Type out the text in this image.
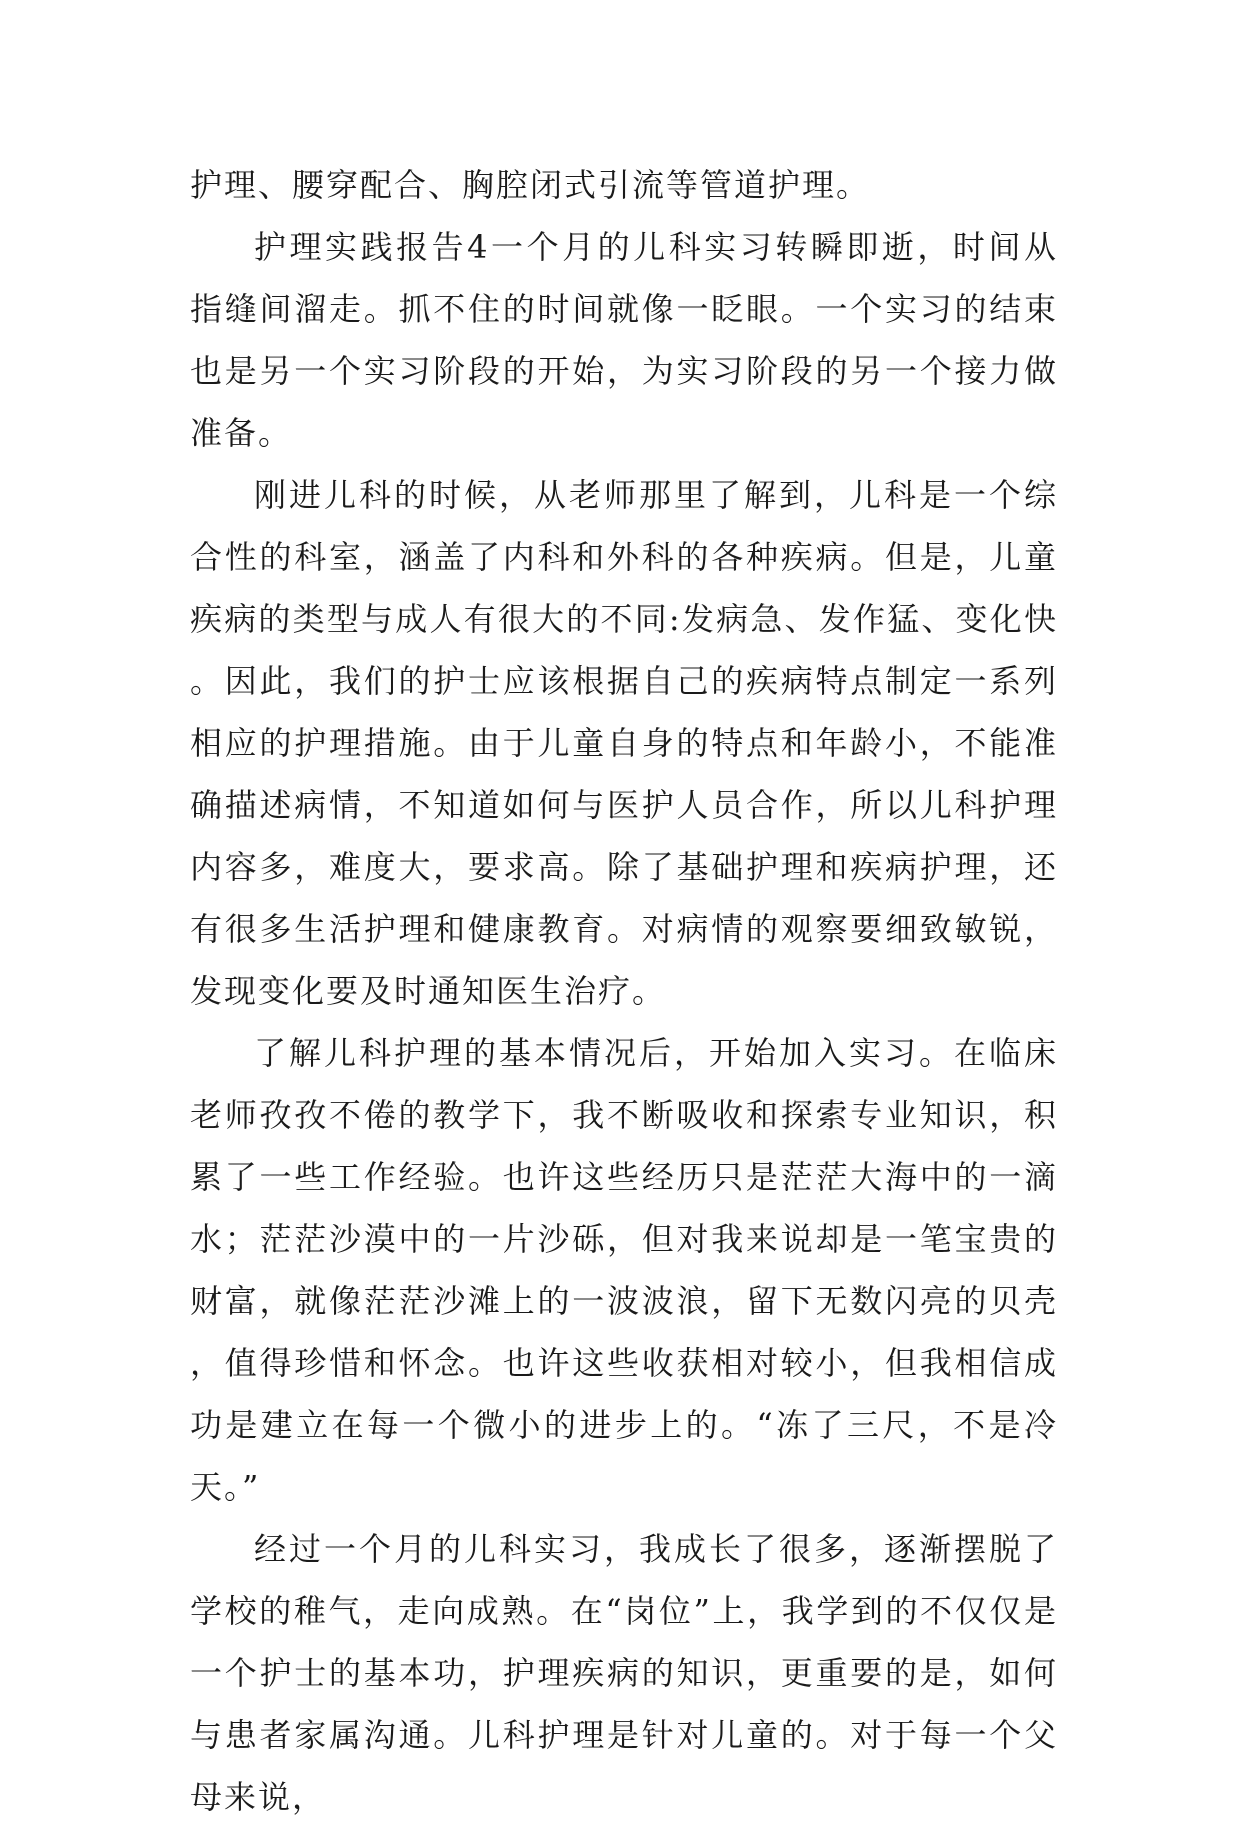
护理、腰穿配合、胸腔闭式引流等管道护理。

护理实践报告4一个月的儿科实习转瞬即逝，时间从指缝间溜走。抓不住的时间就像一眨眼。一个实习的结束也是另一个实习阶段的开始，为实习阶段的另一个接力做准备。

刚进儿科的时候，从老师那里了解到，儿科是一个综合性的科室，涵盖了内科和外科的各种疾病。但是，儿童疾病的类型与成人有很大的不同:发病急、发作猛、变化快。因此，我们的护士应该根据自己的疾病特点制定一系列相应的护理措施。由于儿童自身的特点和年龄小，不能准确描述病情，不知道如何与医护人员合作，所以儿科护理内容多，难度大，要求高。除了基础护理和疾病护理，还有很多生活护理和健康教育。对病情的观察要细致敏锐，发现变化要及时通知医生治疗。

了解儿科护理的基本情况后，开始加入实习。在临床老师孜孜不倦的教学下，我不断吸收和探索专业知识，积累了一些工作经验。也许这些经历只是茫茫大海中的一滴水；茫茫沙漠中的一片沙砾，但对我来说却是一笔宝贵的财富，就像茫茫沙滩上的一波波浪，留下无数闪亮的贝壳，值得珍惜和怀念。也许这些收获相对较小，但我相信成功是建立在每一个微小的进步上的。“冻了三尺，不是冷天。”

经过一个月的儿科实习，我成长了很多，逐渐摆脱了学校的稚气，走向成熟。在“岗位”上，我学到的不仅仅是一个护士的基本功，护理疾病的知识，更重要的是，如何与患者家属沟通。儿科护理是针对儿童的。对于每一个父母来说，
